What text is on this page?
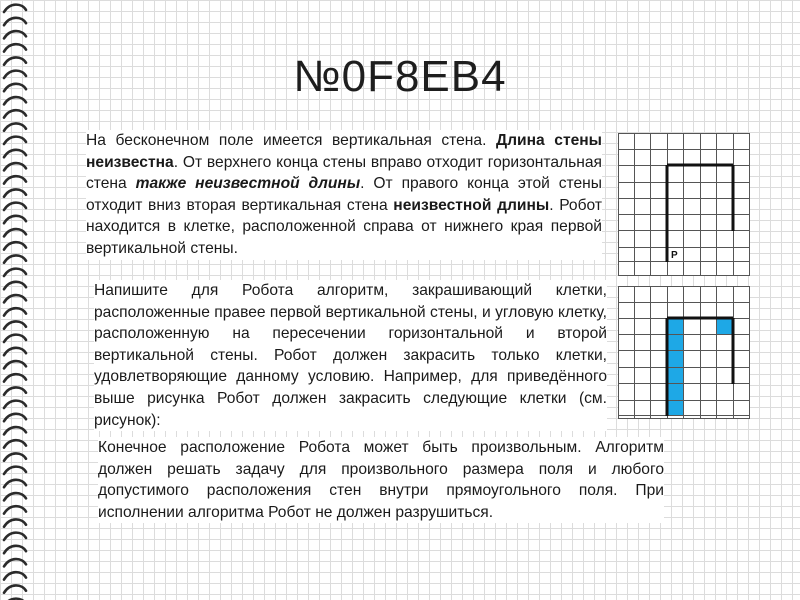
№0F8EB4

На бесконечном поле имеется вертикальная стена. Длина стены неизвестна. От верхнего конца стены вправо отходит горизонтальная стена также неизвестной длины. От правого конца этой стены отходит вниз вторая вертикальная стена неизвестной длины. Робот находится в клетке, расположенной справа от нижнего края первой вертикальной стены.

Напишите для Робота алгоритм, закрашивающий клетки, расположенные правее первой вертикальной стены, и угловую клетку, расположенную на пересечении горизонтальной и второй вертикальной стены. Робот должен закрасить только клетки, удовлетворяющие данному условию. Например, для приведённого выше рисунка Робот должен закрасить следующие клетки (см. рисунок):

Конечное расположение Робота может быть произвольным. Алгоритм должен решать задачу для произвольного размера поля и любого допустимого расположения стен внутри прямоугольного поля. При исполнении алгоритма Робот не должен разрушиться.

Р
